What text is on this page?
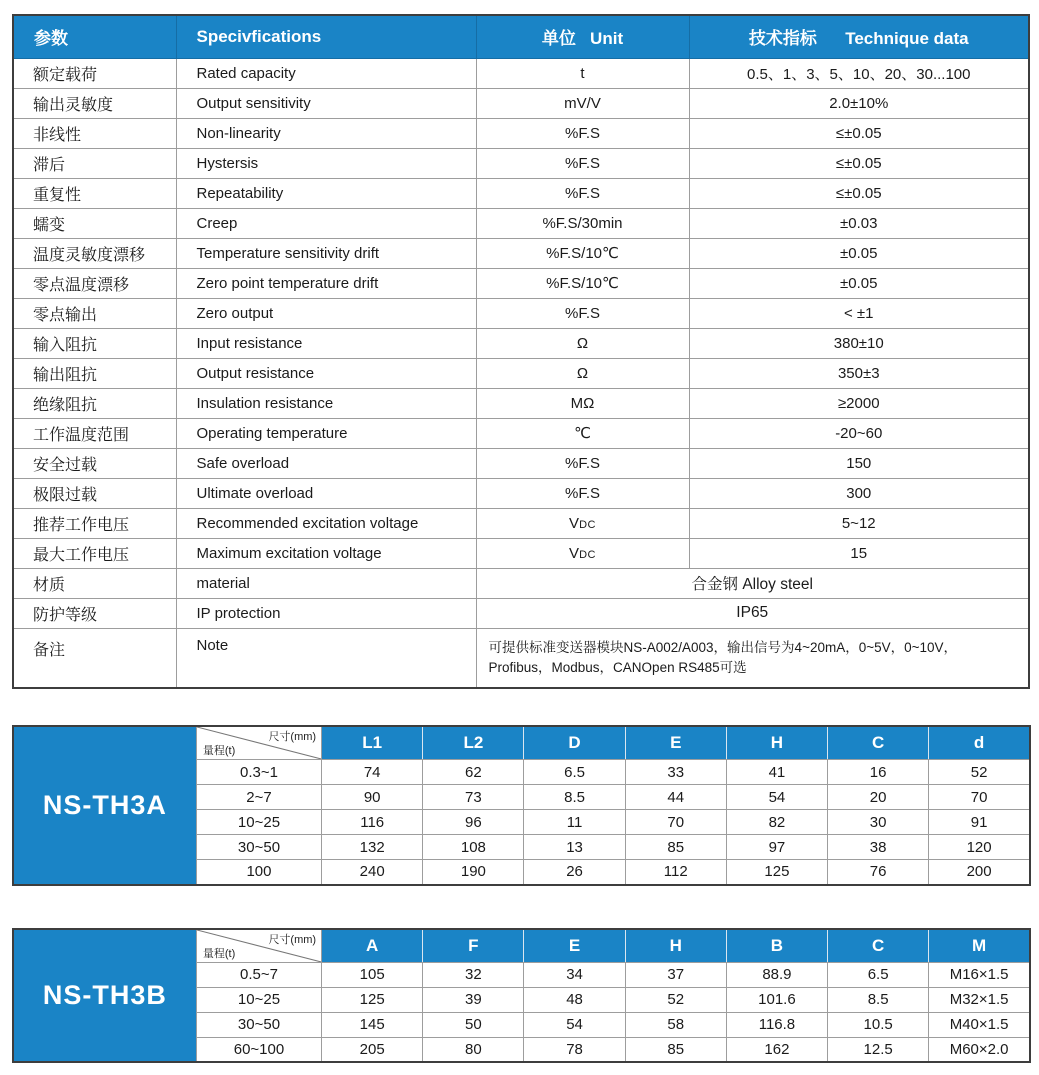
参数	Specivfications	单位   Unit	技术指标      Technique data
额定载荷	Rated capacity	t	0.5、1、3、5、10、20、30...100
输出灵敏度	Output sensitivity	mV/V	2.0±10%
非线性	Non-linearity	%F.S	≤±0.05
滞后	Hystersis	%F.S	≤±0.05
重复性	Repeatability	%F.S	≤±0.05
蠕变	Creep	%F.S/30min	±0.03
温度灵敏度漂移	Temperature sensitivity drift	%F.S/10℃	±0.05
零点温度漂移	Zero point temperature drift	%F.S/10℃	±0.05
零点输出	Zero output	%F.S	< ±1
输入阻抗	Input resistance	Ω	380±10
输出阻抗	Output resistance	Ω	350±3
绝缘阻抗	Insulation resistance	MΩ	≥2000
工作温度范围	Operating temperature	℃	-20~60
安全过载	Safe overload	%F.S	150
极限过载	Ultimate overload	%F.S	300
推荐工作电压	Recommended excitation voltage	VDC	5~12
最大工作电压	Maximum excitation voltage	VDC	15
材质	material	合金钢 Alloy steel	
防护等级	IP protection	IP65	
备注	Note	可提供标准变送器模块NS-A002/A003，输出信号为4~20mA，0~5V，0~10V，Profibus，Modbus，CANOpen RS485可选	
NS-TH3A	尺寸(mm)
量程(t)	L1	L2	D	E	H	C	d
	0.3~1	74	62	6.5	33	41	16	52
	2~7	90	73	8.5	44	54	20	70
	10~25	116	96	11	70	82	30	91
	30~50	132	108	13	85	97	38	120
	100	240	190	26	112	125	76	200
NS-TH3B	尺寸(mm)
量程(t)	A	F	E	H	B	C	M
	0.5~7	105	32	34	37	88.9	6.5	M16×1.5
	10~25	125	39	48	52	101.6	8.5	M32×1.5
	30~50	145	50	54	58	116.8	10.5	M40×1.5
	60~100	205	80	78	85	162	12.5	M60×2.0
